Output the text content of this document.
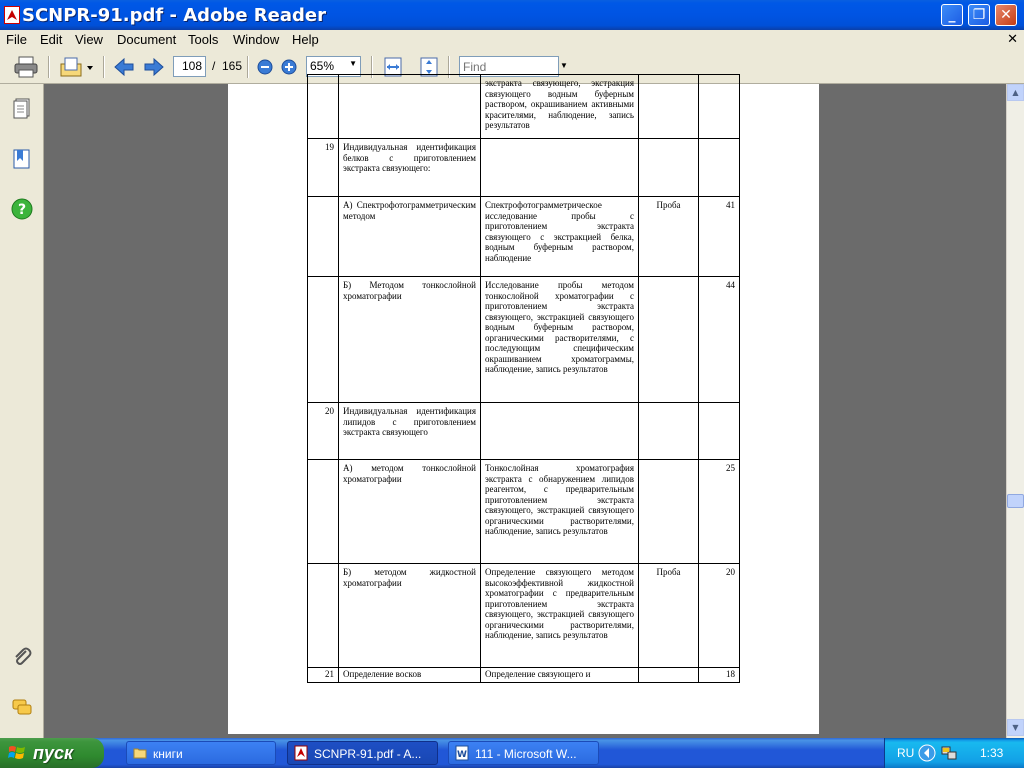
SCNPR-91.pdf - Adobe Reader	_	❐	✕
File Edit View Document Tools Window Help	✕
108 / 165	65% ▼
Find	▼
?
		экстракта связующего, экстракция связующего водным буферным раствором, окрашиванием активными красителями, наблюдение, запись результатов		
19	Индивидуальная идентификация белков с приготовлением экстракта связующего:			
	А) Спектрофотограмметрическим методом	Спектрофотограмметрическое исследование пробы с приготовлением экстракта связующего с экстракцией белка, водным буферным раствором, наблюдение	Проба	41
	Б) Методом тонкослойной хроматографии	Исследование пробы методом тонкослойной хроматографии с приготовлением экстракта связующего, экстракцией связующего водным буферным раствором, органическими растворителями, с последующим специфическим окрашиванием хроматограммы, наблюдение, запись результатов		44
20	Индивидуальная идентификация липидов с приготовлением экстракта связующего			
	А) методом тонкослойной хроматографии	Тонкослойная хроматография экстракта с обнаружением липидов реагентом, с предварительным приготовлением экстракта связующего, экстракцией связующего органическими растворителями, наблюдение, запись результатов		25
	Б) методом жидкостной хроматографии	Определение связующего методом высокоэффективной жидкостной хроматографии с предварительным приготовлением экстракта связующего, экстракцией связующего органическими растворителями, наблюдение, запись результатов	Проба	20
21	Определение восков	Определение связующего и		18
▲
▼
пуск	книги	SCNPR-91.pdf - A...	W 111 - Microsoft W...	RU	1:33
